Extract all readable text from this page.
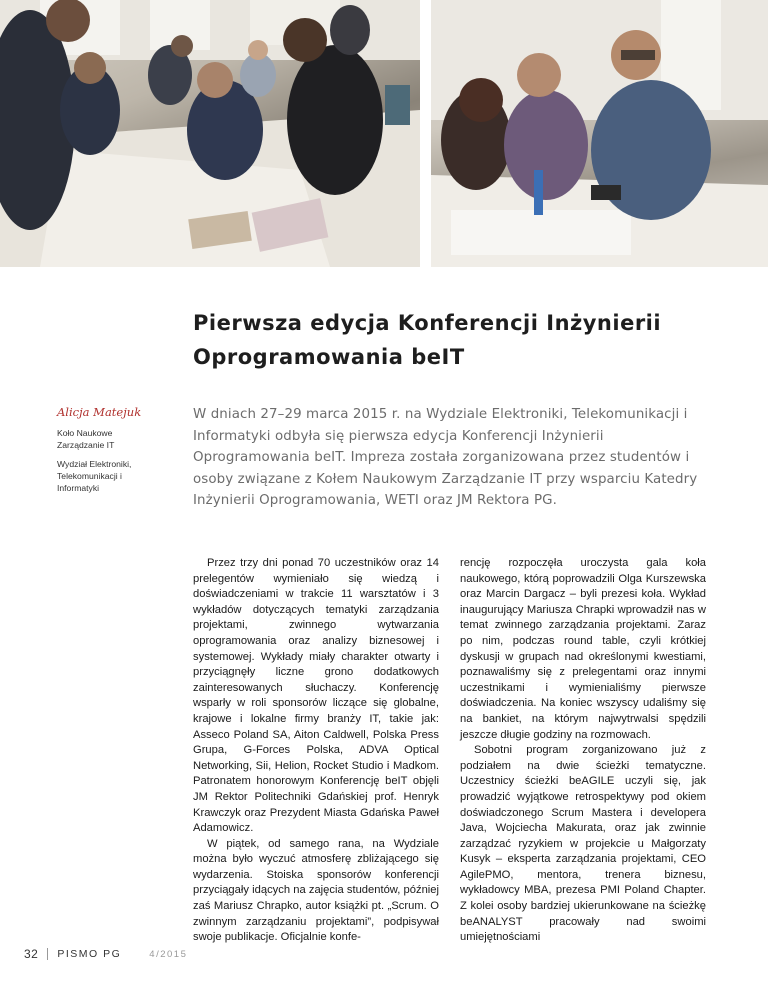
Pierwsza edycja Konferencji Inżynierii
Oprogramowania beIT

Alicja Matejuk

Koło Naukowe Zarządzanie IT

Wydział Elektroniki, Telekomunikacji i Informatyki

W dniach 27–29 marca 2015 r. na Wydziale Elektroniki, Telekomunikacji i Informatyki odbyła się pierwsza edycja Konferencji Inżynierii Oprogramowania beIT. Impreza została zorganizowana przez studentów i osoby związane z Kołem Naukowym Zarządzanie IT przy wsparciu Katedry Inżynierii Oprogramowania, WETI oraz JM Rektora PG.

Przez trzy dni ponad 70 uczestników oraz 14 prelegentów wymieniało się wiedzą i doświadczeniami w trakcie 11 warsztatów i 3 wykładów dotyczących tematyki zarządzania projektami, zwinnego wytwarzania oprogramowania oraz analizy biznesowej i systemowej. Wykłady miały charakter otwarty i przyciągnęły liczne grono dodatkowych zainteresowanych słuchaczy. Konferencję wsparły w roli sponsorów liczące się globalne, krajowe i lokalne firmy branży IT, takie jak: Asseco Poland SA, Aiton Caldwell, Polska Press Grupa, G-Forces Polska, ADVA Optical Networking, Sii, Helion, Rocket Studio i Madkom. Patronatem honorowym Konferencję beIT objęli JM Rektor Politechniki Gdańskiej prof. Henryk Krawczyk oraz Prezydent Miasta Gdańska Paweł Adamowicz.

W piątek, od samego rana, na Wydziale można było wyczuć atmosferę zbliżającego się wydarzenia. Stoiska sponsorów konferencji przyciągały idących na zajęcia studentów, później zaś Mariusz Chrapko, autor książki pt. „Scrum. O zwinnym zarządzaniu projektami”, podpisywał swoje publikacje. Oficjalnie konfe-

rencję rozpoczęła uroczysta gala koła naukowego, którą poprowadzili Olga Kurszewska oraz Marcin Dargacz – byli prezesi koła. Wykład inaugurujący Mariusza Chrapki wprowadził nas w temat zwinnego zarządzania projektami. Zaraz po nim, podczas round table, czyli krótkiej dyskusji w grupach nad określonymi kwestiami, poznawaliśmy się z prelegentami oraz innymi uczestnikami i wymienialiśmy pierwsze doświadczenia. Na koniec wszyscy udaliśmy się na bankiet, na którym najwytrwalsi spędzili jeszcze długie godziny na rozmowach.

Sobotni program zorganizowano już z podziałem na dwie ścieżki tematyczne. Uczestnicy ścieżki beAGILE uczyli się, jak prowadzić wyjątkowe retrospektywy pod okiem doświadczonego Scrum Mastera i developera Java, Wojciecha Makurata, oraz jak zwinnie zarządzać ryzykiem w projekcie u Małgorzaty Kusyk – eksperta zarządzania projektami, CEO AgilePMO, mentora, trenera biznesu, wykładowcy MBA, prezesa PMI Poland Chapter. Z kolei osoby bardziej ukierunkowane na ścieżkę beANALYST pracowały nad swoimi umiejętnościami

32 PISMO PG	4/2015
